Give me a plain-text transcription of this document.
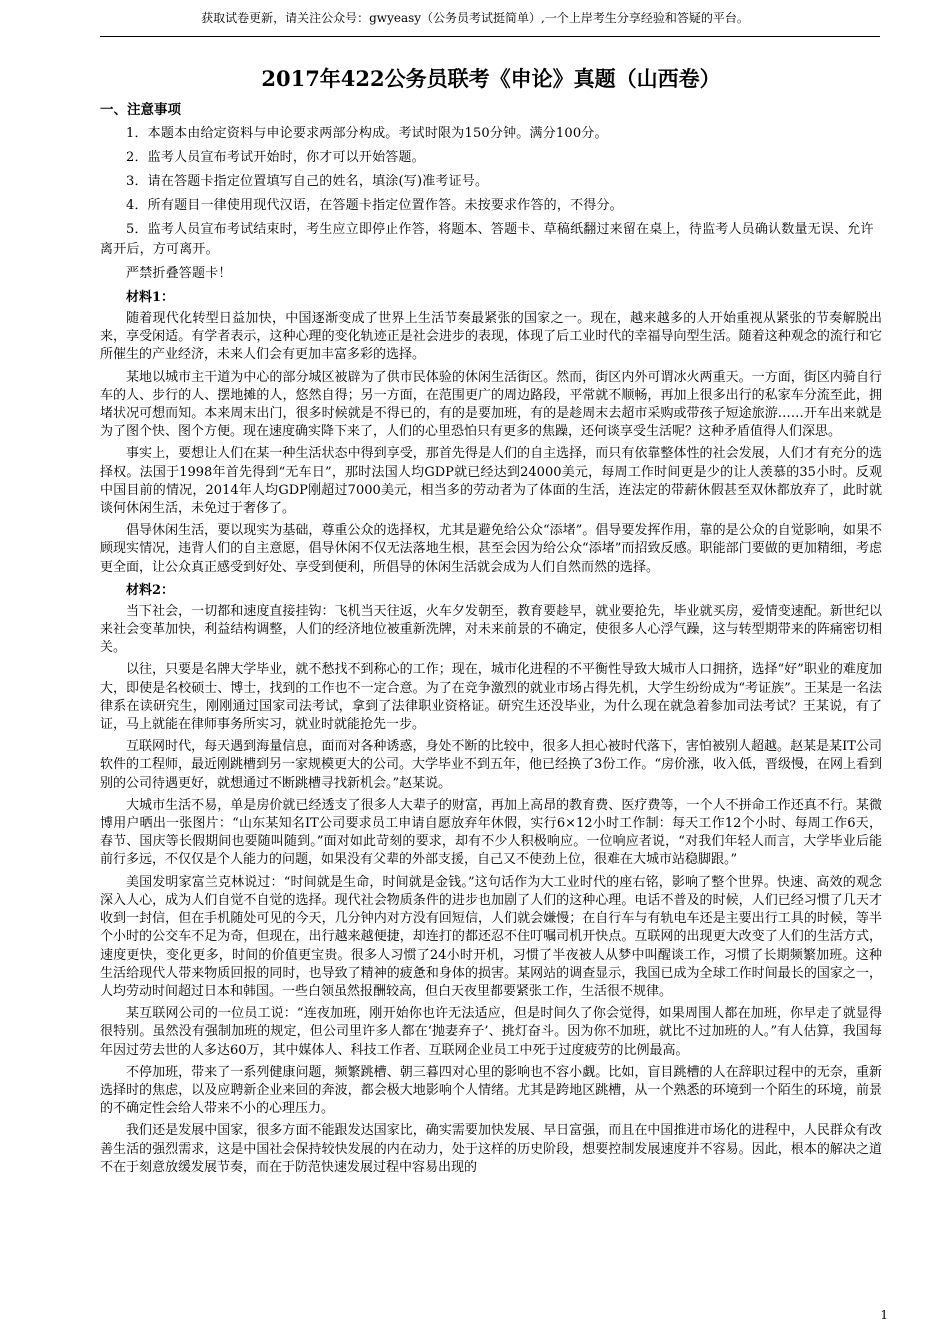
获取试卷更新，请关注公众号：gwyeasy（公务员考试挺简单）,一个上岸考生分享经验和答疑的平台。
2017年422公务员联考《申论》真题（山西卷）
一、注意事项

1．本题本由给定资料与申论要求两部分构成。考试时限为150分钟。满分100分。

2．监考人员宣布考试开始时，你才可以开始答题。

3．请在答题卡指定位置填写自己的姓名，填涂(写)准考证号。

4．所有题目一律使用现代汉语，在答题卡指定位置作答。未按要求作答的，不得分。

5．监考人员宣布考试结束时，考生应立即停止作答，将题本、答题卡、草稿纸翻过来留在桌上，待监考人员确认数量无误、允许离开后，方可离开。

严禁折叠答题卡！

材料1：

随着现代化转型日益加快，中国逐渐变成了世界上生活节奏最紧张的国家之一。现在，越来越多的人开始重视从紧张的节奏解脱出来，享受闲适。有学者表示，这种心理的变化轨迹正是社会进步的表现，体现了后工业时代的幸福导向型生活。随着这种观念的流行和它所催生的产业经济，未来人们会有更加丰富多彩的选择。

某地以城市主干道为中心的部分城区被辟为了供市民体验的休闲生活街区。然而，街区内外可谓冰火两重天。一方面，街区内骑自行车的人、步行的人、摆地摊的人，悠然自得；另一方面，在范围更广的周边路段，平常就不顺畅，再加上很多出行的私家车分流至此，拥堵状况可想而知。本来周末出门，很多时候就是不得已的，有的是要加班，有的是趁周末去超市采购或带孩子短途旅游……开车出来就是为了图个快、图个方便。现在速度确实降下来了，人们的心里恐怕只有更多的焦躁，还何谈享受生活呢？这种矛盾值得人们深思。

事实上，要想让人们在某一种生活状态中得到享受，那首先得是人们的自主选择，而只有依靠整体性的社会发展，人们才有充分的选择权。法国于1998年首先得到“无车日”，那时法国人均GDP就已经达到24000美元，每周工作时间更是少的让人羡慕的35小时。反观中国目前的情况，2014年人均GDP刚超过7000美元，相当多的劳动者为了体面的生活，连法定的带薪休假甚至双休都放弃了，此时就谈何休闲生活，未免过于奢侈了。

倡导休闲生活，要以现实为基础，尊重公众的选择权，尤其是避免给公众“添堵”。倡导要发挥作用，靠的是公众的自觉影响，如果不顾现实情况，违背人们的自主意愿，倡导休闲不仅无法落地生根，甚至会因为给公众“添堵”而招致反感。职能部门要做的更加精细，考虑更全面，让公众真正感受到好处、享受到便利，所倡导的休闲生活就会成为人们自然而然的选择。

材料2：

当下社会，一切都和速度直接挂钩：飞机当天往返，火车夕发朝至，教育要趁早，就业要抢先，毕业就买房，爱情变速配。新世纪以来社会变革加快，利益结构调整，人们的经济地位被重新洗牌，对未来前景的不确定，使很多人心浮气躁，这与转型期带来的阵痛密切相关。

以往，只要是名牌大学毕业，就不愁找不到称心的工作；现在，城市化进程的不平衡性导致大城市人口拥挤，选择“好”职业的难度加大，即使是名校硕士、博士，找到的工作也不一定合意。为了在竞争激烈的就业市场占得先机，大学生纷纷成为“考证族”。王某是一名法律系在读研究生，刚刚通过国家司法考试，拿到了法律职业资格证。研究生还没毕业，为什么现在就急着参加司法考试？王某说，有了证，马上就能在律师事务所实习，就业时就能抢先一步。

互联网时代，每天遇到海量信息，面而对各种诱惑，身处不断的比较中，很多人担心被时代落下，害怕被别人超越。赵某是某IT公司软件的工程师，最近刚跳槽到另一家规模更大的公司。大学毕业不到五年，他已经换了3份工作。“房价涨，收入低，晋级慢，在网上看到别的公司待遇更好，就想通过不断跳槽寻找新机会。”赵某说。

大城市生活不易，单是房价就已经透支了很多人大辈子的财富，再加上高昂的教育费、医疗费等，一个人不拼命工作还真不行。某微博用户晒出一张图片：“山东某知名IT公司要求员工申请自愿放弃年休假，实行6×12小时工作制：每天工作12个小时、每周工作6天，春节、国庆等长假期间也要随叫随到。”面对如此苛刻的要求，却有不少人积极响应。一位响应者说，“对我们年轻人而言，大学毕业后能前行多远，不仅仅是个人能力的问题，如果没有父辈的外部支援，自己又不使劲上位，很难在大城市站稳脚跟。”

美国发明家富兰克林说过：“时间就是生命，时间就是金钱。”这句话作为大工业时代的座右铭，影响了整个世界。快速、高效的观念深入人心，成为人们自觉不自觉的选择。现代社会物质条件的进步也加剧了人们的这种心理。电话不普及的时候，人们已经习惯了几天才收到一封信，但在手机随处可见的今天，几分钟内对方没有回短信，人们就会嫌慢；在自行车与有轨电车还是主要出行工具的时候，等半个小时的公交车不足为奇，但现在，出行越来越便捷，却连打的都还忍不住叮嘱司机开快点。互联网的出现更大改变了人们的生活方式，速度更快，变化更多，时间的价值更宝贵。很多人习惯了24小时开机，习惯了半夜被人从梦中叫醒谈工作，习惯了长期频繁加班。这种生活给现代人带来物质回报的同时，也导致了精神的疲惫和身体的损害。某网站的调查显示，我国已成为全球工作时间最长的国家之一，人均劳动时间超过日本和韩国。一些白领虽然报酬较高，但白天夜里都要紧张工作，生活很不规律。

某互联网公司的一位员工说：“连夜加班，刚开始你也许无法适应，但是时间久了你会觉得，如果周围人都在加班，你早走了就显得很特别。虽然没有强制加班的规定，但公司里许多人都在‘抛妻弃子’、挑灯奋斗。因为你不加班，就比不过加班的人。”有人估算，我国每年因过劳去世的人多达60万，其中媒体人、科技工作者、互联网企业员工中死于过度疲劳的比例最高。

不停加班，带来了一系列健康问题，频繁跳槽、朝三暮四对心里的影响也不容小觑。比如，盲目跳槽的人在辞职过程中的无奈，重新选择时的焦虑，以及应聘新企业来回的奔波，都会极大地影响个人情绪。尤其是跨地区跳槽，从一个熟悉的环境到一个陌生的环境，前景的不确定性会给人带来不小的心理压力。

我们还是发展中国家，很多方面不能跟发达国家比，确实需要加快发展、早日富强，而且在中国推进市场化的进程中，人民群众有改善生活的强烈需求，这是中国社会保持较快发展的内在动力，处于这样的历史阶段，想要控制发展速度并不容易。因此，根本的解决之道不在于刻意放缓发展节奏，而在于防范快速发展过程中容易出现的

1
